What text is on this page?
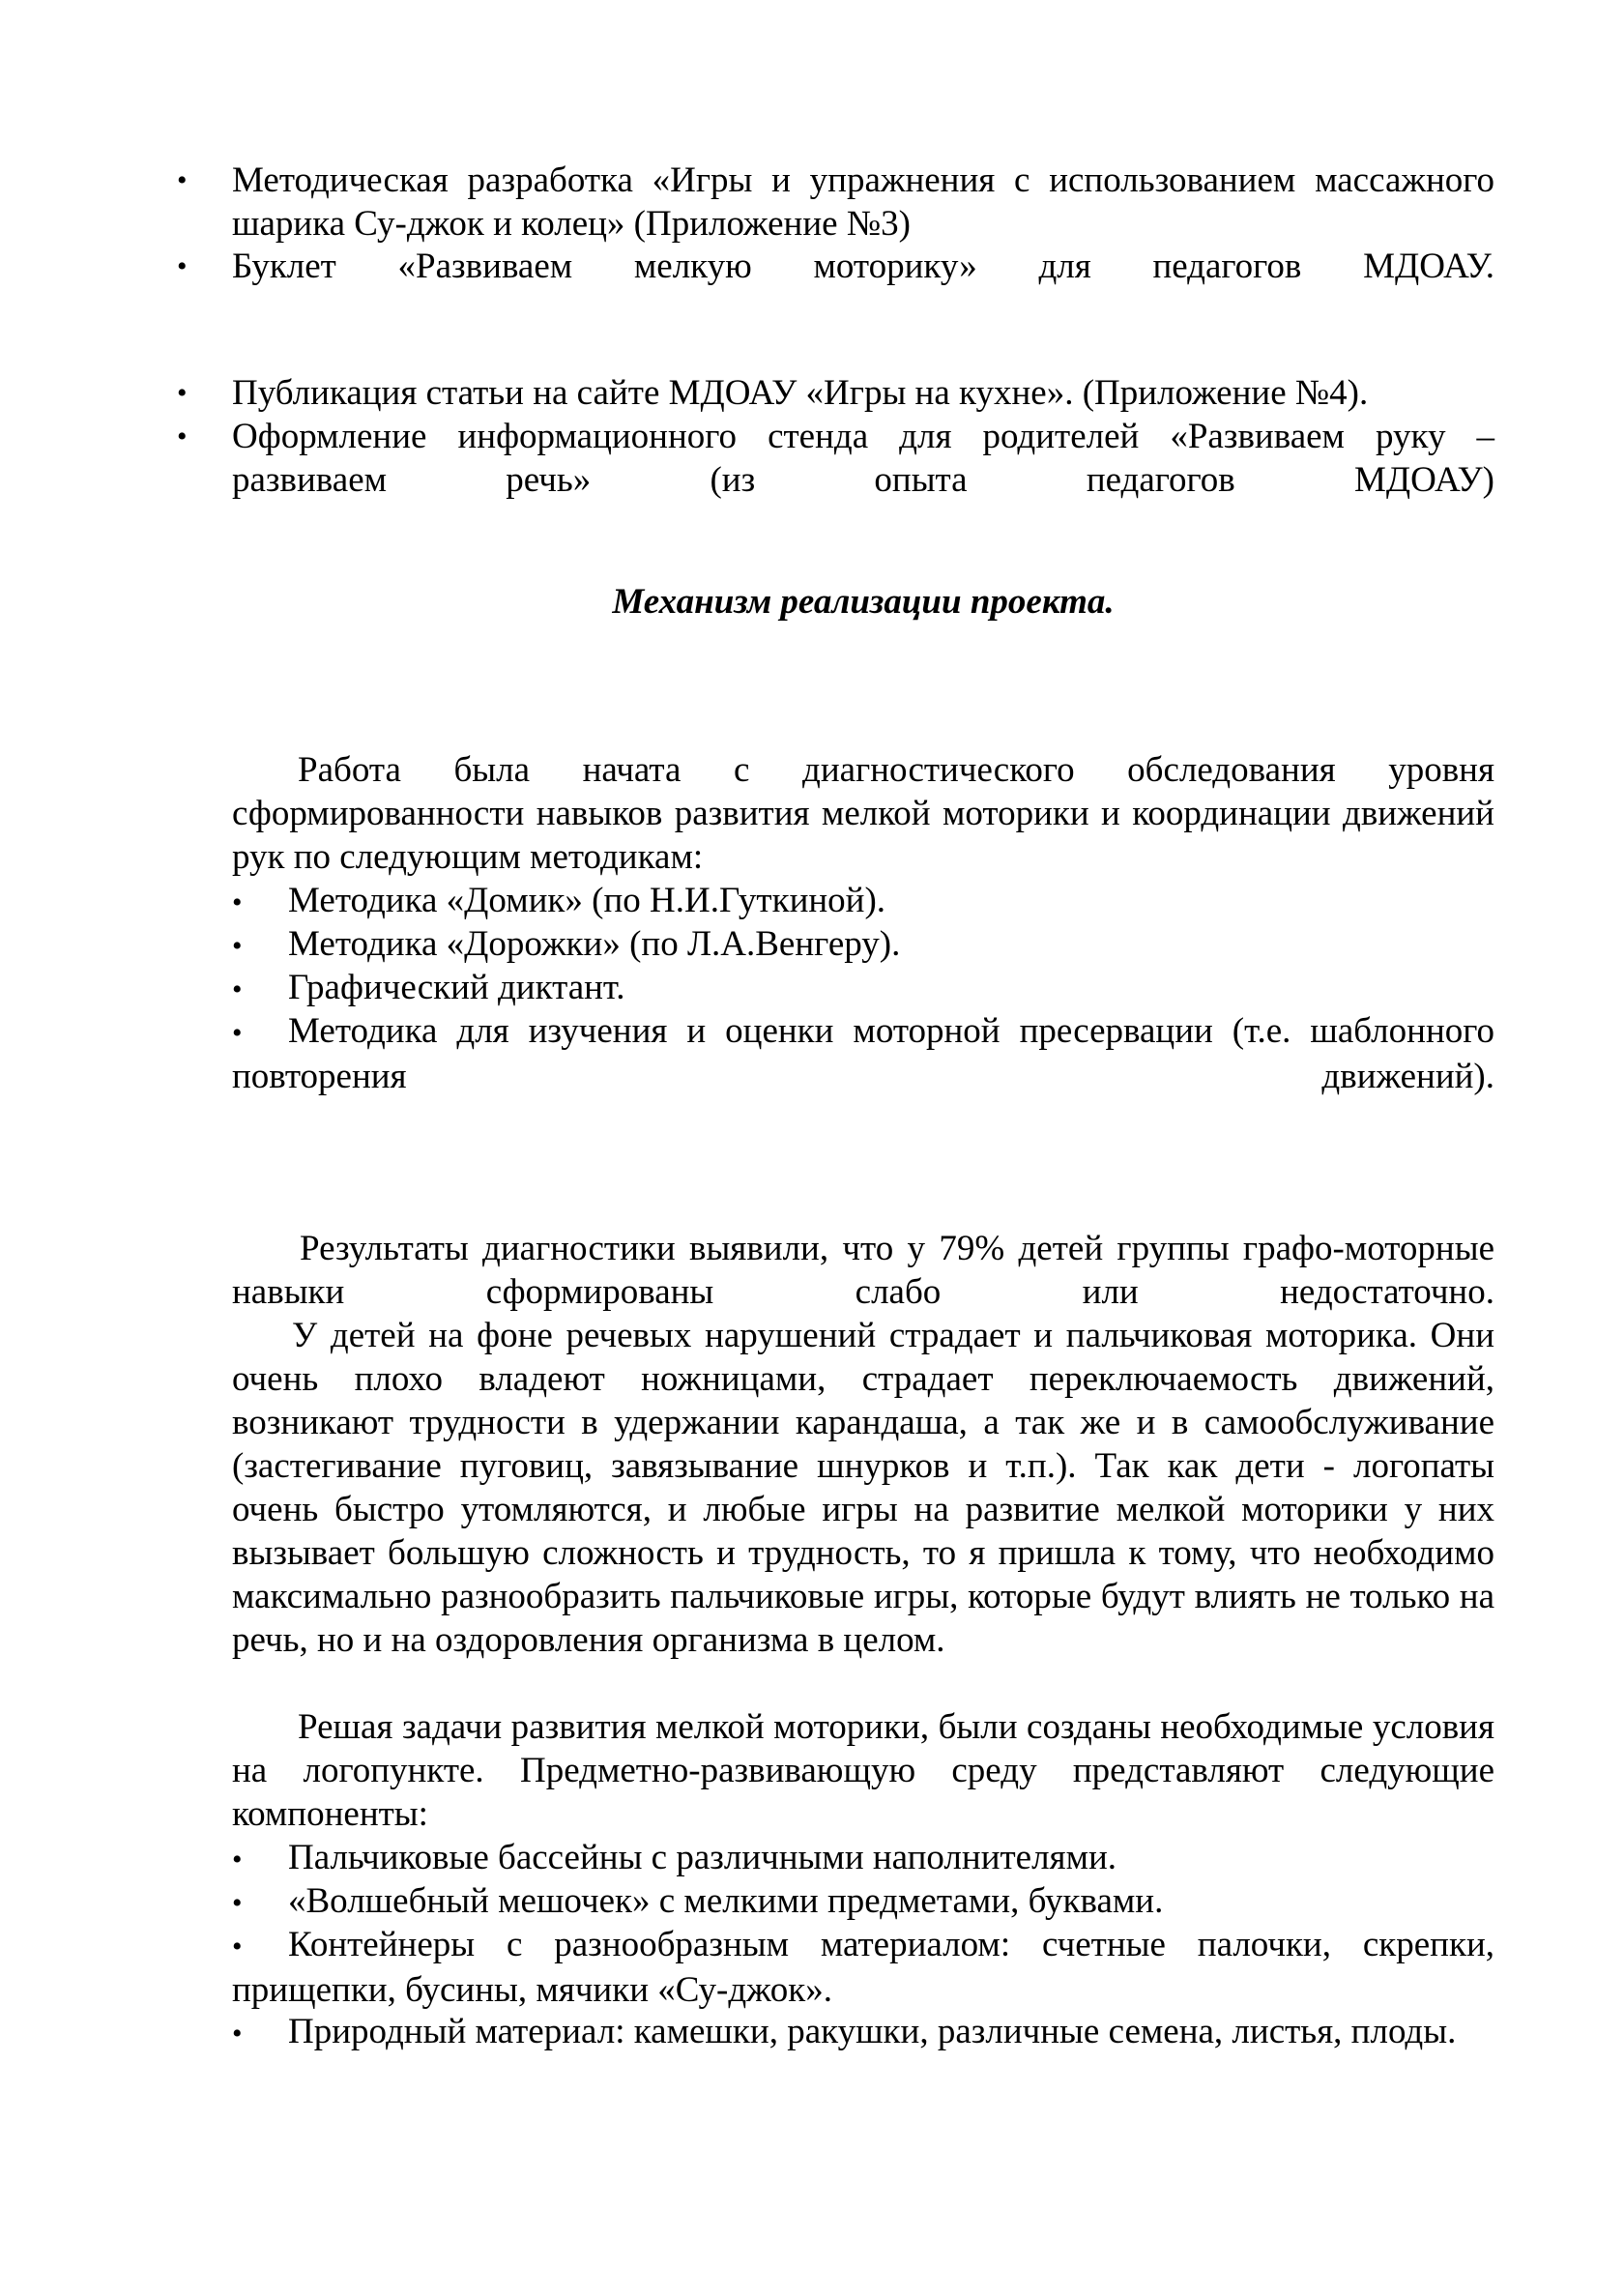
• Методическая разработка «Игры и упражнения с использованием массажного шарика Су-джок и колец» (Приложение №3)
• Буклет «Развиваем мелкую моторику» для педагогов МДОАУ.
• Публикация статьи на сайте МДОАУ «Игры на кухне». (Приложение №4).
• Оформление информационного стенда для родителей «Развиваем руку – развиваем речь» (из опыта педагогов МДОАУ)
Механизм реализации проекта.
Работа была начата с диагностического обследования уровня сформированности навыков развития мелкой моторики и координации движений рук по следующим методикам:
• Методика «Домик» (по Н.И.Гуткиной).
• Методика «Дорожки» (по Л.А.Венгеру).
• Графический диктант.
• Методика для изучения и оценки моторной пресервации (т.е. шаблонного повторения движений).
Результаты диагностики выявили, что у 79% детей группы графо-моторные навыки сформированы слабо или недостаточно.
У детей на фоне речевых нарушений страдает и пальчиковая моторика. Они очень плохо владеют ножницами, страдает переключаемость движений, возникают трудности в удержании карандаша, а так же и в самообслуживание (застегивание пуговиц, завязывание шнурков и т.п.). Так как дети - логопаты очень быстро утомляются, и любые игры на развитие мелкой моторики у них вызывает большую сложность и трудность, то я пришла к тому, что необходимо максимально разнообразить пальчиковые игры, которые будут влиять не только на речь, но и на оздоровления организма в целом.
Решая задачи развития мелкой моторики, были созданы необходимые условия на логопункте. Предметно-развивающую среду представляют следующие компоненты:
• Пальчиковые бассейны с различными наполнителями.
• «Волшебный мешочек» с мелкими предметами, буквами.
• Контейнеры с разнообразным материалом: счетные палочки, скрепки, прищепки, бусины, мячики «Су-джок».
• Природный материал: камешки, ракушки, различные семена, листья, плоды.
